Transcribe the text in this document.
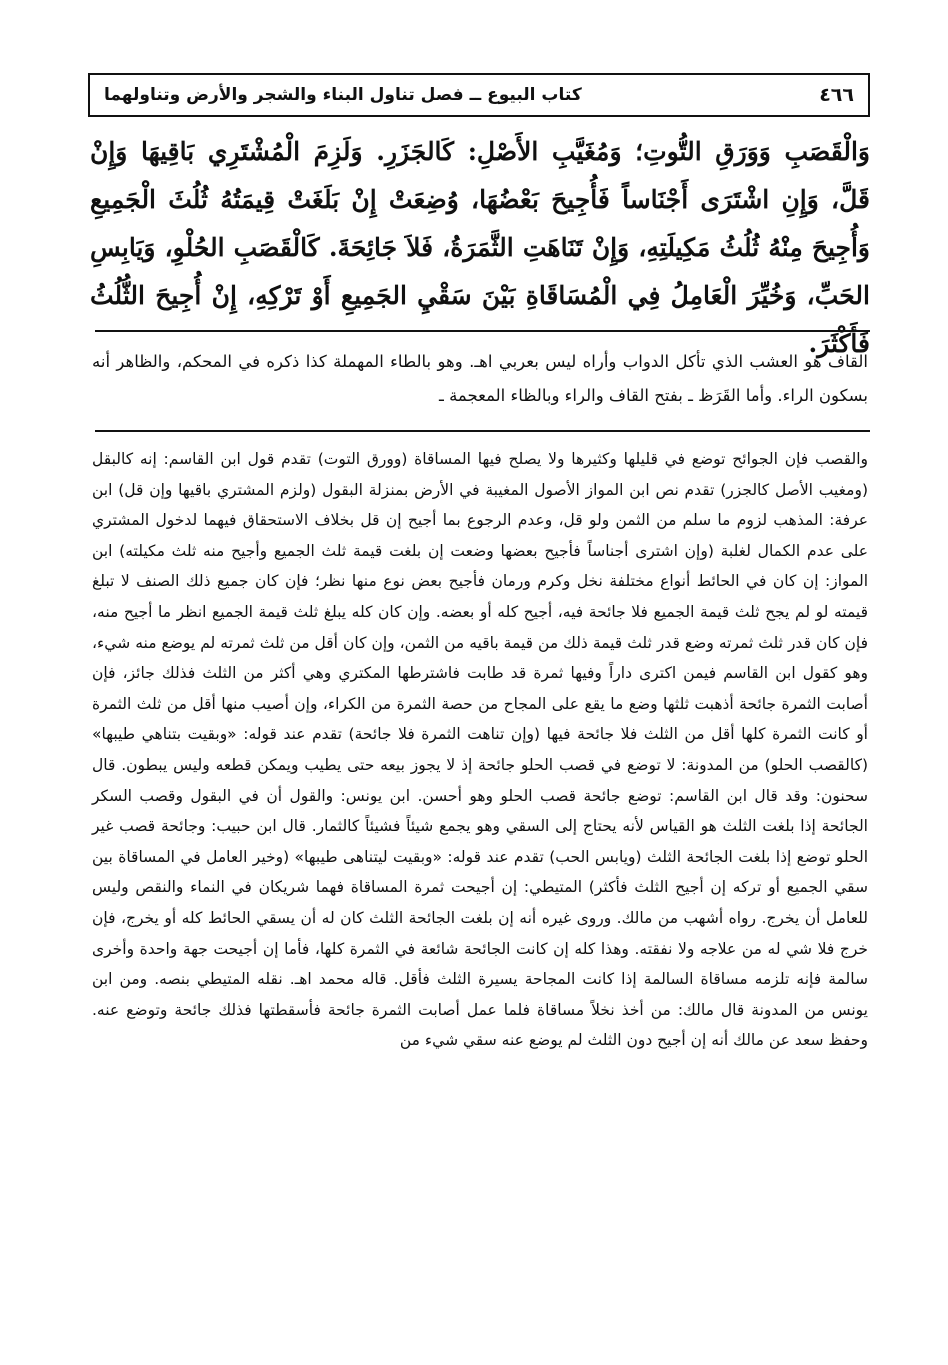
٤٦٦
كتاب البيوع ــ فصل تناول البناء والشجر والأرض وتناولهما

وَالْقَصَبِ وَوَرَقِ التُّوتِ؛ وَمُغَيَّبِ الأَصْلِ: كَالجَزَرِ. وَلَزِمَ الْمُشْتَرِي بَاقِيهَا وَإِنْ قَلَّ، وَإِنِ اشْتَرَى أَجْنَاساً فَأُجِيحَ بَعْضُهَا، وُضِعَتْ إِنْ بَلَغَتْ قِيمَتُهُ ثُلُثَ الْجَمِيعِ وَأُجِيحَ مِنْهُ ثُلُثُ مَكِيلَتِهِ، وَإِنْ تَنَاهَتِ الثَّمَرَةُ، فَلاَ جَائِحَةَ. كَالْقَصَبِ الحُلْوِ، وَيَابِسِ الحَبِّ، وَخُيِّرَ الْعَامِلُ فِي الْمُسَاقَاةِ بَيْنَ سَقْيِ الجَمِيعِ أَوْ تَرْكِهِ، إِنْ أُجِيحَ الثُّلُثُ فَأَكْثَرَ.

القاف هو العشب الذي تأكل الدواب وأراه ليس بعربي اهـ. وهو بالطاء المهملة كذا ذكره في المحكم، والظاهر أنه بسكون الراء. وأما القَرَظ ـ بفتح القاف والراء وبالظاء المعجمة ـ

والقصب فإن الجوائح توضع في قليلها وكثيرها ولا يصلح فيها المساقاة (وورق التوت) تقدم قول ابن القاسم: إنه كالبقل (ومغيب الأصل كالجزر) تقدم نص ابن المواز الأصول المغيبة في الأرض بمنزلة البقول (ولزم المشتري باقيها وإن قل) ابن عرفة: المذهب لزوم ما سلم من الثمن ولو قل، وعدم الرجوع بما أجيح إن قل بخلاف الاستحقاق فيهما لدخول المشتري على عدم الكمال لغلبة (وإن اشترى أجناساً فأجيح بعضها وضعت إن بلغت قيمة ثلث الجميع وأجيح منه ثلث مكيلته) ابن المواز: إن كان في الحائط أنواع مختلفة نخل وكرم ورمان فأجيح بعض نوع منها نظر؛ فإن كان جميع ذلك الصنف لا تبلغ قيمته لو لم يجح ثلث قيمة الجميع فلا جائحة فيه، أجيح كله أو بعضه. وإن كان كله يبلغ ثلث قيمة الجميع انظر ما أجيح منه، فإن كان قدر ثلث ثمرته وضع قدر ثلث قيمة ذلك من قيمة باقيه من الثمن، وإن كان أقل من ثلث ثمرته لم يوضع منه شيء، وهو كقول ابن القاسم فيمن اكترى داراً وفيها ثمرة قد طابت فاشترطها المكتري وهي أكثر من الثلث فذلك جائز، فإن أصابت الثمرة جائحة أذهبت ثلثها وضع ما يقع على المجاح من حصة الثمرة من الكراء، وإن أصيب منها أقل من ثلث الثمرة أو كانت الثمرة كلها أقل من الثلث فلا جائحة فيها (وإن تناهت الثمرة فلا جائحة) تقدم عند قوله: «وبقيت بتناهي طيبها» (كالقصب الحلو) من المدونة: لا توضع في قصب الحلو جائحة إذ لا يجوز بيعه حتى يطيب ويمكن قطعه وليس يبطون. قال سحنون: وقد قال ابن القاسم: توضع جائحة قصب الحلو وهو أحسن. ابن يونس: والقول أن في البقول وقصب السكر الجائحة إذا بلغت الثلث هو القياس لأنه يحتاج إلى السقي وهو يجمع شيئاً فشيئاً كالثمار. قال ابن حبيب: وجائحة قصب غير الحلو توضع إذا بلغت الجائحة الثلث (ويابس الحب) تقدم عند قوله: «وبقيت ليتناهى طيبها» (وخير العامل في المساقاة بين سقي الجميع أو تركه إن أجيح الثلث فأكثر) المتيطي: إن أجيحت ثمرة المساقاة فهما شريكان في النماء والنقص وليس للعامل أن يخرج. رواه أشهب من مالك. وروى غيره أنه إن بلغت الجائحة الثلث كان له أن يسقي الحائط كله أو يخرج، فإن خرج فلا شي له من علاجه ولا نفقته. وهذا كله إن كانت الجائحة شائعة في الثمرة كلها، فأما إن أجيحت جهة واحدة وأخرى سالمة فإنه تلزمه مساقاة السالمة إذا كانت المجاحة يسيرة الثلث فأقل. قاله محمد اهـ. نقله المتيطي بنصه. ومن ابن يونس من المدونة قال مالك: من أخذ نخلاً مساقاة فلما عمل أصابت الثمرة جائحة فأسقطتها فذلك جائحة وتوضع عنه. وحفظ سعد عن مالك أنه إن أجيح دون الثلث لم يوضع عنه سقي شيء من
